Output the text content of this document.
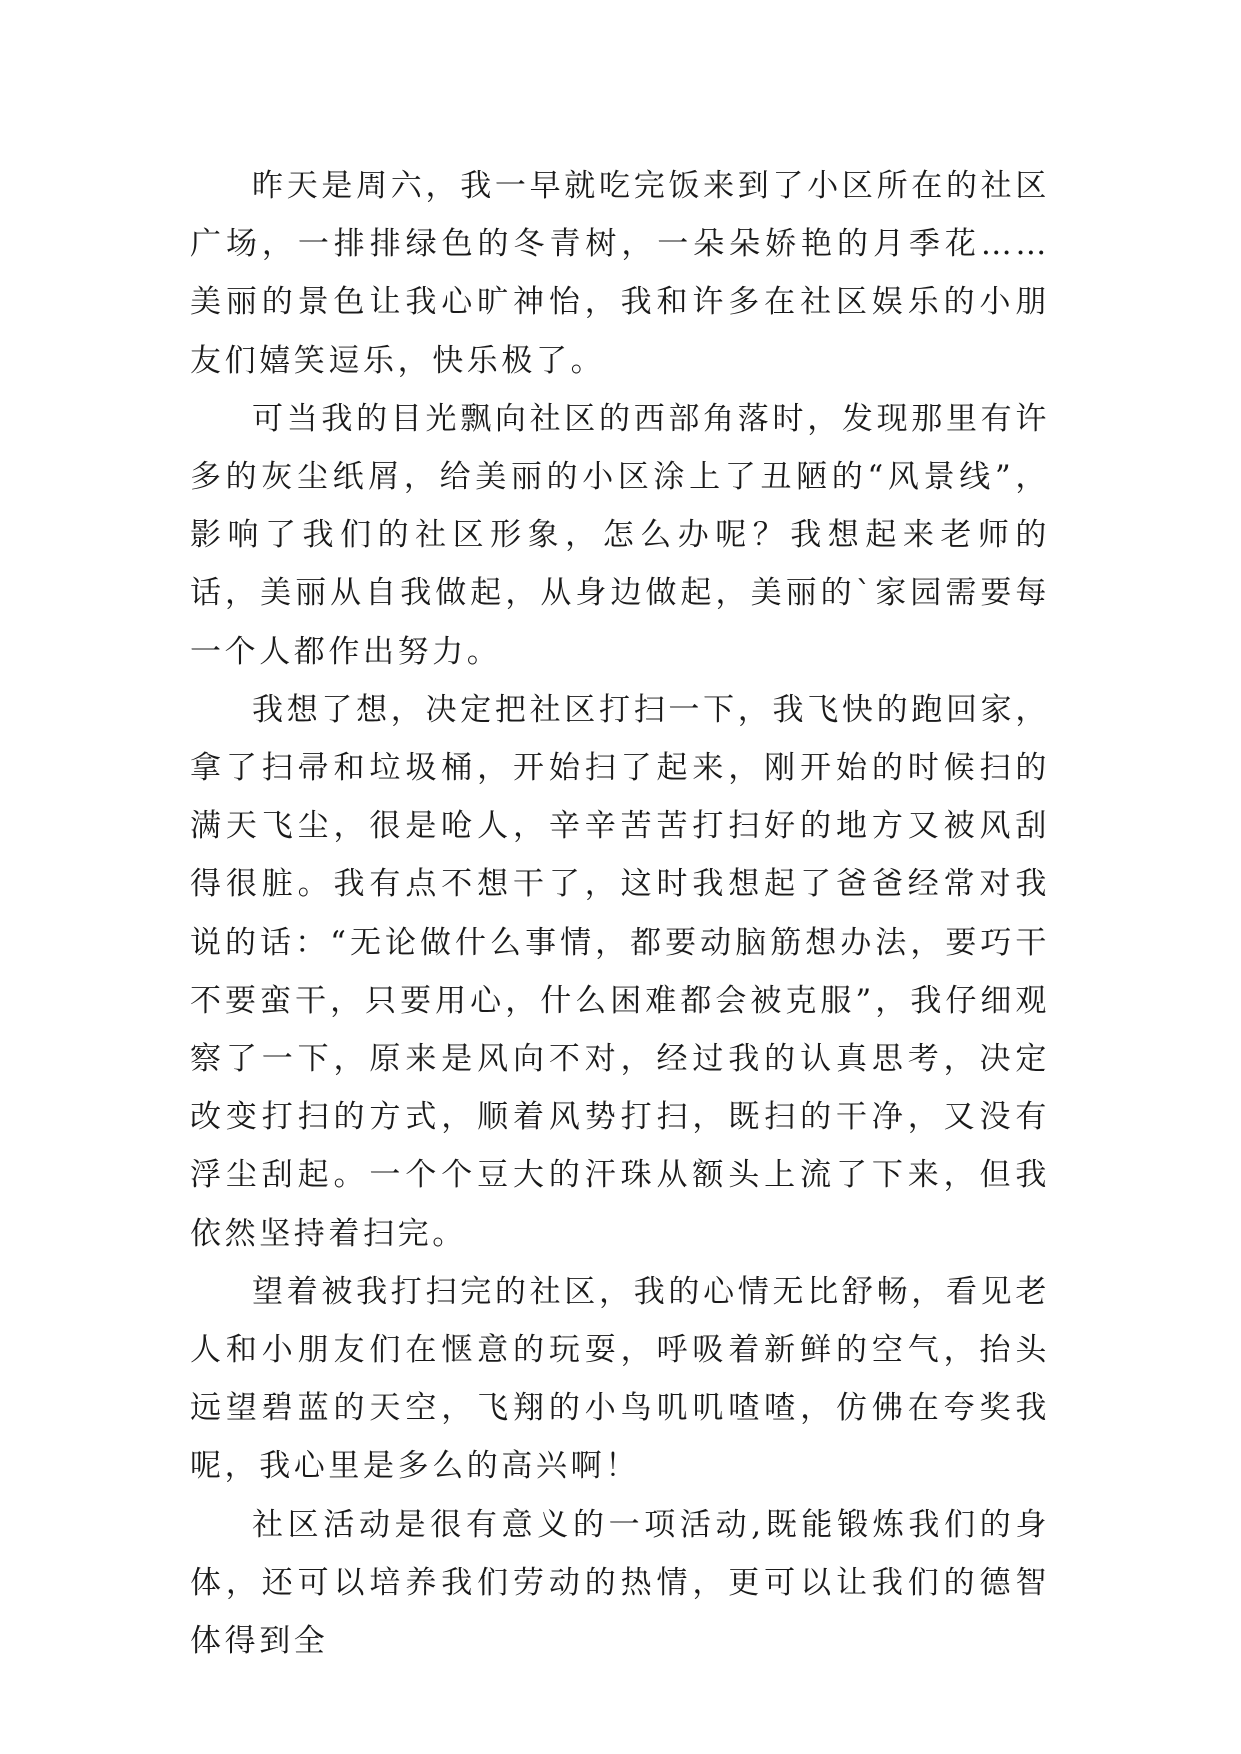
昨天是周六，我一早就吃完饭来到了小区所在的社区广场，一排排绿色的冬青树，一朵朵娇艳的月季花……美丽的景色让我心旷神怡，我和许多在社区娱乐的小朋友们嬉笑逗乐，快乐极了。

可当我的目光飘向社区的西部角落时，发现那里有许多的灰尘纸屑，给美丽的小区涂上了丑陋的“风景线”，影响了我们的社区形象，怎么办呢？我想起来老师的话，美丽从自我做起，从身边做起，美丽的`家园需要每一个人都作出努力。

我想了想，决定把社区打扫一下，我飞快的跑回家，拿了扫帚和垃圾桶，开始扫了起来，刚开始的时候扫的满天飞尘，很是呛人，辛辛苦苦打扫好的地方又被风刮得很脏。我有点不想干了，这时我想起了爸爸经常对我说的话：“无论做什么事情，都要动脑筋想办法，要巧干不要蛮干，只要用心，什么困难都会被克服”，我仔细观察了一下，原来是风向不对，经过我的认真思考，决定改变打扫的方式，顺着风势打扫，既扫的干净，又没有浮尘刮起。一个个豆大的汗珠从额头上流了下来，但我依然坚持着扫完。

望着被我打扫完的社区，我的心情无比舒畅，看见老人和小朋友们在惬意的玩耍，呼吸着新鲜的空气，抬头远望碧蓝的天空，飞翔的小鸟叽叽喳喳，仿佛在夸奖我呢，我心里是多么的高兴啊！

社区活动是很有意义的一项活动,既能锻炼我们的身体，还可以培养我们劳动的热情，更可以让我们的德智体得到全
